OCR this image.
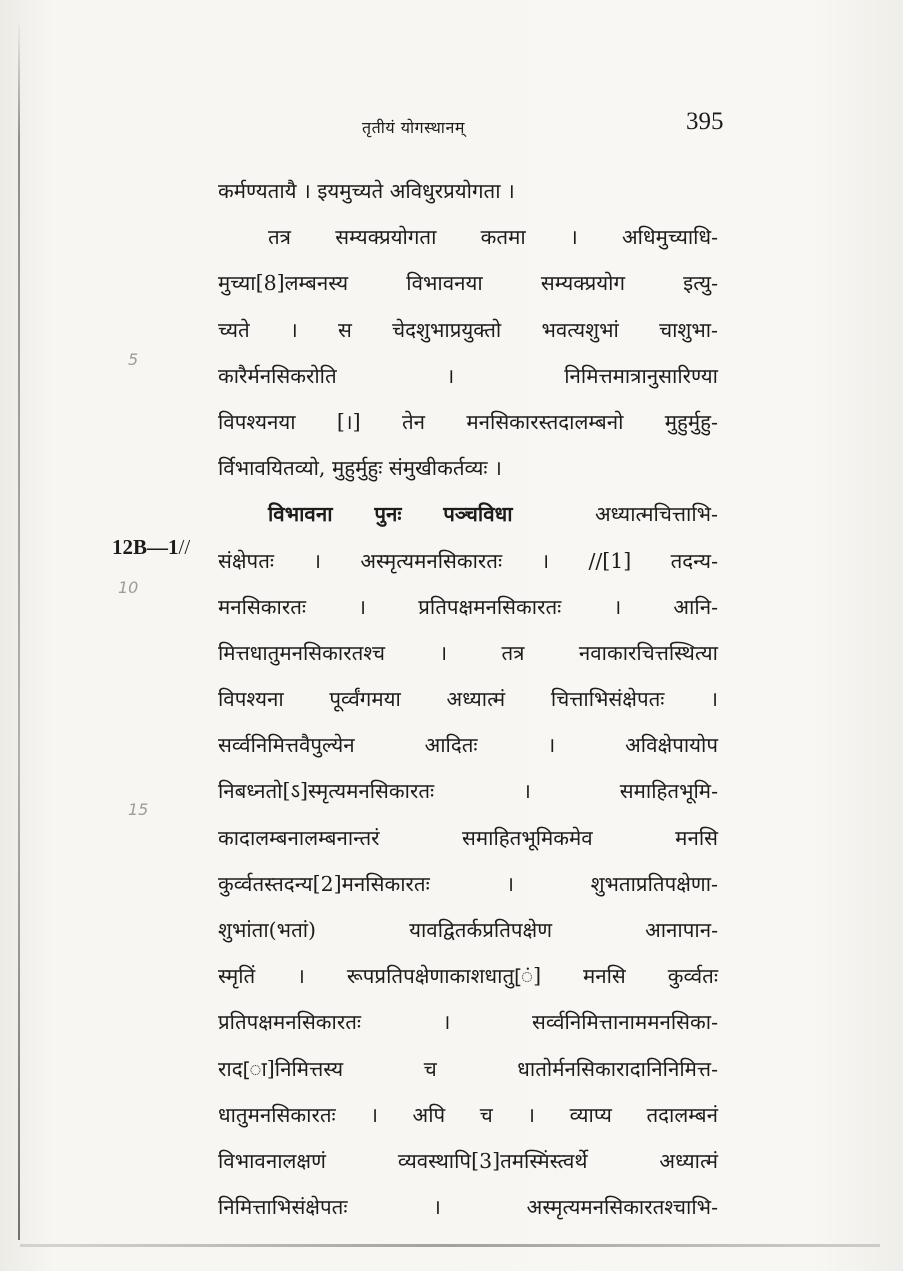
तृतीयं योगस्थानम्	395
12B—1//
5
10
15
कर्मण्यतायै । इयमुच्यते अविधुरप्रयोगता ।
तत्र सम्यक्प्रयोगता कतमा । अधिमुच्याधि-
मुच्या[8]लम्बनस्य विभावनया सम्यक्प्रयोग इत्यु-
च्यते । स चेदशुभाप्रयुक्तो भवत्यशुभां चाशुभा-
कारैर्मनसिकरोति । निमित्तमात्रानुसारिण्या
विपश्यनया [।] तेन मनसिकारस्तदालम्बनो मुहुर्मुहु-
र्विभावयितव्यो, मुहुर्मुहुः संमुखीकर्तव्यः ।
विभावना पुनः पञ्चविधा	अध्यात्मचित्ताभि-
संक्षेपतः । अस्मृत्यमनसिकारतः । //[1] तदन्य-
मनसिकारतः । प्रतिपक्षमनसिकारतः । आनि-
मित्तधातुमनसिकारतश्च । तत्र नवाकारचित्तस्थित्या
विपश्यना पूर्व्वंगमया अध्यात्मं चित्ताभिसंक्षेपतः ।
सर्व्वनिमित्तवैपुल्येन आदितः । अविक्षेपायोप
निबध्नतो[ऽ]स्मृत्यमनसिकारतः । समाहितभूमि-
कादालम्बनालम्बनान्तरं समाहितभूमिकमेव मनसि
कुर्व्वतस्तदन्य[2]मनसिकारतः । शुभताप्रतिपक्षेणा-
शुभांता(भतां) यावद्वितर्कप्रतिपक्षेण आनापान-
स्मृतिं । रूपप्रतिपक्षेणाकाशधातु[ं] मनसि कुर्व्वतः
प्रतिपक्षमनसिकारतः । सर्व्वनिमित्तानाममनसिका-
राद[ा]निमित्तस्य च धातोर्मनसिकारादानिनिमित्त-
धातुमनसिकारतः । अपि च । व्याप्य तदालम्बनं
विभावनालक्षणं व्यवस्थापि[3]तमस्मिंस्त्वर्थे अध्यात्मं
निमित्ताभिसंक्षेपतः । अस्मृत्यमनसिकारतश्चाभि-
